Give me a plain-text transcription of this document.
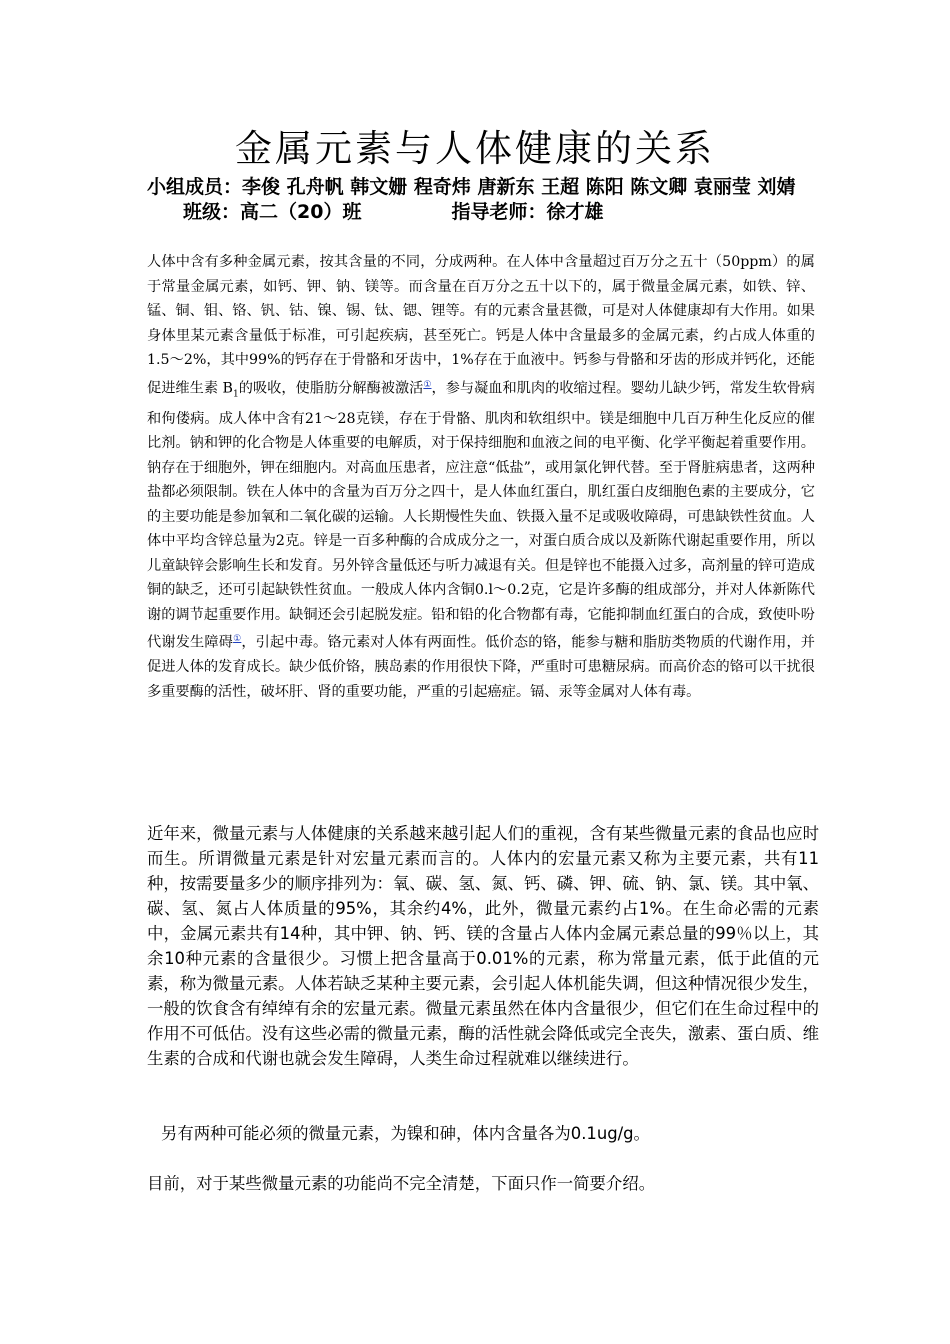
金属元素与人体健康的关系
小组成员：李俊 孔舟帆 韩文姗 程奇炜 唐新东 王超 陈阳 陈文卿 袁丽莹 刘婧班级：高二（20）班	指导老师：徐才雄
人体中含有多种金属元素，按其含量的不同，分成两种。在人体中含量超过百万分之五十（50ppm）的属于常量金属元素，如钙、钾、钠、镁等。而含量在百万分之五十以下的，属于微量金属元素，如铁、锌、锰、铜、钼、铬、钒、钴、镍、锡、钛、锶、锂等。有的元素含量甚微，可是对人体健康却有大作用。如果身体里某元素含量低于标准，可引起疾病，甚至死亡。钙是人体中含量最多的金属元素，约占成人体重的1.5～2%，其中99%的钙存在于骨骼和牙齿中，1%存在于血液中。钙参与骨骼和牙齿的形成并钙化，还能促进维生素 $B_1$的吸收，使脂肪分解酶被激活①，参与凝血和肌肉的收缩过程。婴幼儿缺少钙，常发生软骨病和佝偻病。成人体中含有21～28克镁，存在于骨骼、肌肉和软组织中。镁是细胞中几百万种生化反应的催比剂。钠和钾的化合物是人体重要的电解质，对于保持细胞和血液之间的电平衡、化学平衡起着重要作用。钠存在于细胞外，钾在细胞内。对高血压患者，应注意“低盐”，或用氯化钾代替。至于肾脏病患者，这两种盐都必须限制。铁在人体中的含量为百万分之四十，是人体血红蛋白，肌红蛋白皮细胞色素的主要成分，它的主要功能是参加氧和二氧化碳的运输。人长期慢性失血、铁摄入量不足或吸收障碍，可患缺铁性贫血。人体中平均含锌总量为2克。锌是一百多种酶的合成成分之一，对蛋白质合成以及新陈代谢起重要作用，所以儿童缺锌会影响生长和发育。另外锌含量低还与听力减退有关。但是锌也不能摄入过多，高剂量的锌可造成铜的缺乏，还可引起缺铁性贫血。一般成人体内含铜0.l～0.2克，它是许多酶的组成部分，并对人体新陈代谢的调节起重要作用。缺铜还会引起脱发症。铅和铅的化合物都有毒，它能抑制血红蛋白的合成，致使卟吩代谢发生障碍①，引起中毒。铬元素对人体有两面性。低价态的铬，能参与糖和脂肪类物质的代谢作用，并促进人体的发育成长。缺少低价铬，胰岛素的作用很快下降，严重时可患糖尿病。而高价态的铬可以干扰很多重要酶的活性，破坏肝、肾的重要功能，严重的引起癌症。镉、汞等金属对人体有毒。
近年来，微量元素与人体健康的关系越来越引起人们的重视，含有某些微量元素的食品也应时而生。所谓微量元素是针对宏量元素而言的。人体内的宏量元素又称为主要元素，共有11种，按需要量多少的顺序排列为：氧、碳、氢、氮、钙、磷、钾、硫、钠、氯、镁。其中氧、碳、氢、氮占人体质量的95%，其余约4%，此外，微量元素约占1%。在生命必需的元素中，金属元素共有14种，其中钾、钠、钙、镁的含量占人体内金属元素总量的99％以上，其余10种元素的含量很少。习惯上把含量高于0.01%的元素，称为常量元素，低于此值的元素，称为微量元素。人体若缺乏某种主要元素，会引起人体机能失调，但这种情况很少发生，一般的饮食含有绰绰有余的宏量元素。微量元素虽然在体内含量很少，但它们在生命过程中的作用不可低估。没有这些必需的微量元素，酶的活性就会降低或完全丧失，激素、蛋白质、维生素的合成和代谢也就会发生障碍，人类生命过程就难以继续进行。
另有两种可能必须的微量元素，为镍和砷，体内含量各为0.1ug/g。
目前，对于某些微量元素的功能尚不完全清楚，下面只作一简要介绍。
